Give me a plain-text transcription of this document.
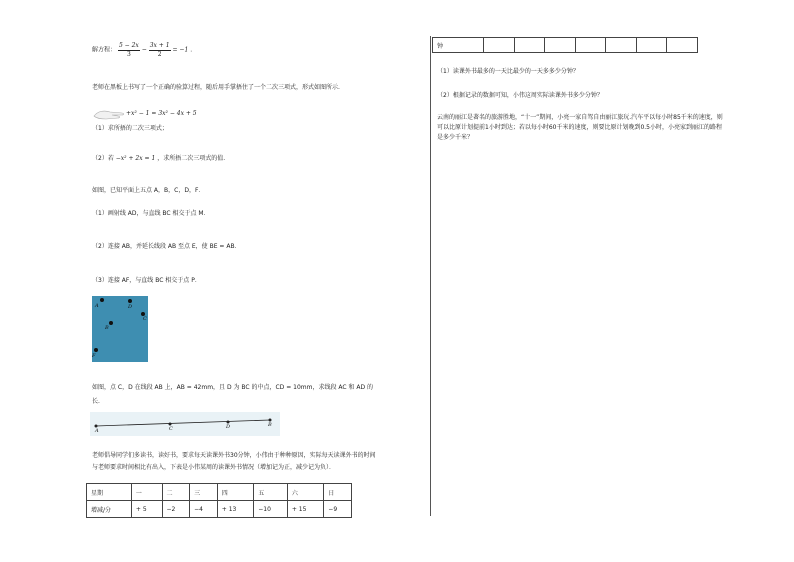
解方程： $\frac{5 - 2x}{3} - \frac{3x + 1}{2} = -1$ .
老师在黑板上书写了一个正确的验算过程，随后用手掌捂住了一个二次三项式，形式如图所示.
+x² − 1 = 3x² − 4x + 5
（1）求所捂的二次三项式；
（2）若 −x² + 2x = 1 ，求所捂二次三项式的值.
如图，已知平面上五点 A，B，C，D，F．
（1）画射线 AD，与直线 BC 相交于点 M．
（2）连接 AB，并延长线段 AB 至点 E，使 BE = AB．
（3）连接 AF，与直线 BC 相交于点 P．
A	D
C
B
F
如图，点 C，D 在线段 AB 上，AB = 42mm，且 D 为 BC 的中点，CD = 10mm，求线段 AC 和 AD 的
长.
A	C	D	B
老师倡导同学们多读书，读好书，要求每天读课外书30分钟，小伟由于种种原因，实际每天读课外书的时间
与老师要求时间相比有出入，下表是小伟某周的读课外书情况（增加记为正，减少记为负）．
星期	一	二	三	四	五	六	日
增减/分	+ 5	−2	−4	+ 13	−10	+ 15	−9
钟							
（1）读课外书最多的一天比最少的一天多多少分钟？
（2）根据记录的数据可知，小伟这周实际读课外书多少分钟？
云南的丽江是著名的旅游胜地，“十一”期间，小亮一家自驾自由丽江旅玩.汽车平以每小时85千米的速度，则
可以比原计划提前1小时到达；若以每小时60千米的速度，则要比原计划晚到0.5小时，小亮家到丽江的路程
是多少千米？
